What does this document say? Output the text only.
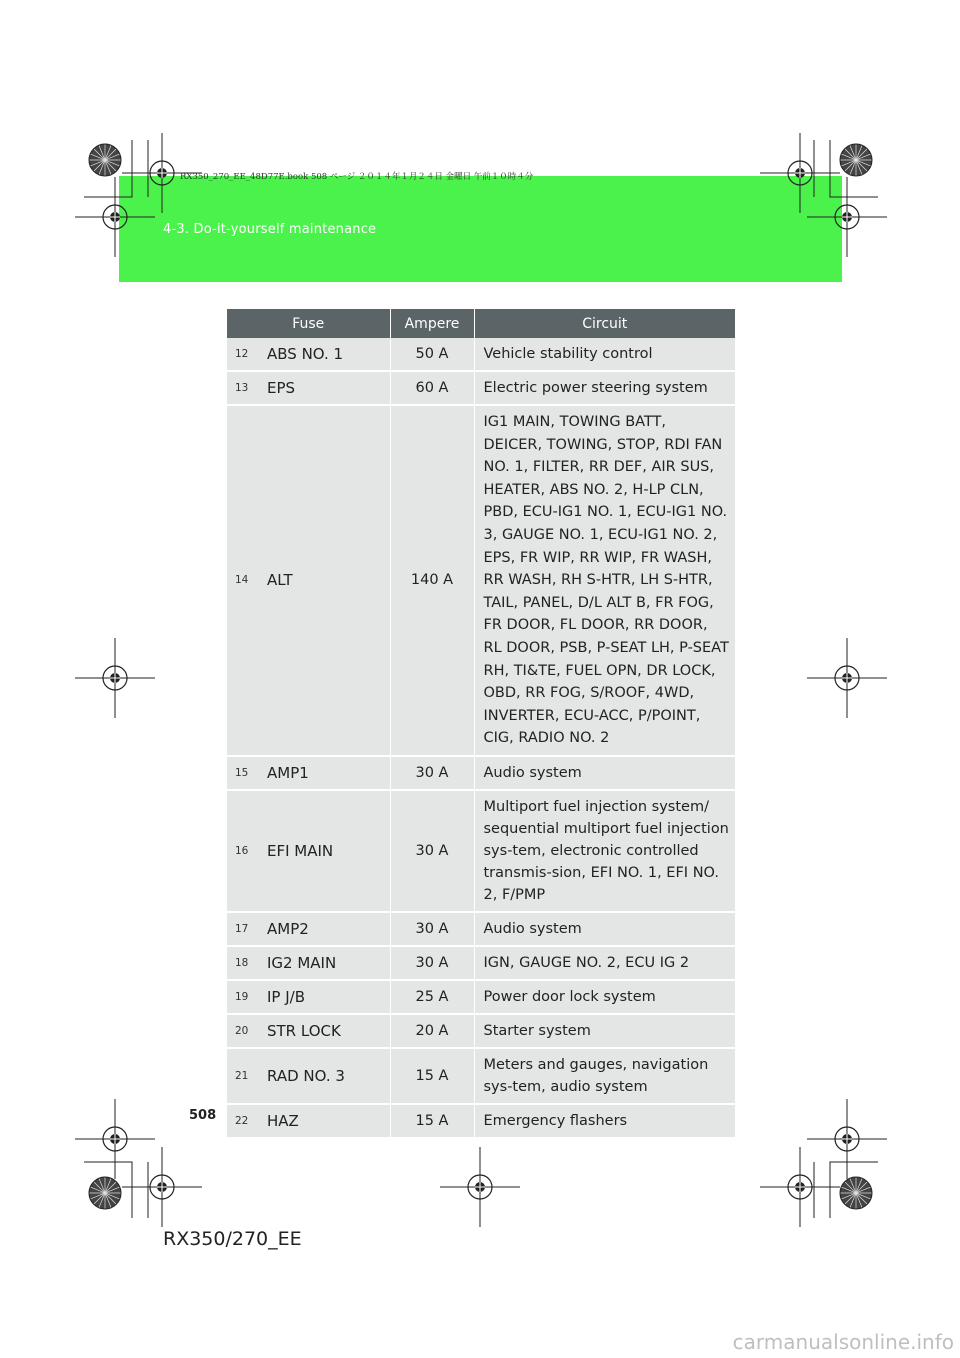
RX350_270_EE_48D77E.book 508 ページ ２０１４年１月２４日 金曜日 午前１０時４分
4-3. Do-it-yourself maintenance
Fuse	Ampere	Circuit

12 ABS NO. 1	50 A	Vehicle stability control

13 EPS	60 A	Electric power steering system

14 ALT	140 A	IG1 MAIN, TOWING BATT, DEICER, TOWING, STOP, RDI FAN NO. 1, FILTER, RR DEF, AIR SUS, HEATER, ABS NO. 2, H-LP CLN, PBD, ECU-IG1 NO. 1, ECU-IG1 NO. 3, GAUGE NO. 1, ECU-IG1 NO. 2, EPS, FR WIP, RR WIP, FR WASH, RR WASH, RH S-HTR, LH S-HTR, TAIL, PANEL, D/L ALT B, FR FOG, FR DOOR, FL DOOR, RR DOOR, RL DOOR, PSB, P-SEAT LH, P-SEAT RH, TI&TE, FUEL OPN, DR LOCK, OBD, RR FOG, S/ROOF, 4WD, INVERTER, ECU-ACC, P/POINT, CIG, RADIO NO. 2

15 AMP1	30 A	Audio system

16 EFI MAIN	30 A	Multiport fuel injection system/ sequential multiport fuel injection sys-tem, electronic controlled transmis-sion, EFI NO. 1, EFI NO. 2, F/PMP

17 AMP2	30 A	Audio system

18 IG2 MAIN	30 A	IGN, GAUGE NO. 2, ECU IG 2

19 IP J/B	25 A	Power door lock system

20 STR LOCK	20 A	Starter system

21 RAD NO. 3	15 A	Meters and gauges, navigation sys-tem, audio system

22 HAZ	15 A	Emergency flashers
508
RX350/270_EE
carmanualsonline.info
